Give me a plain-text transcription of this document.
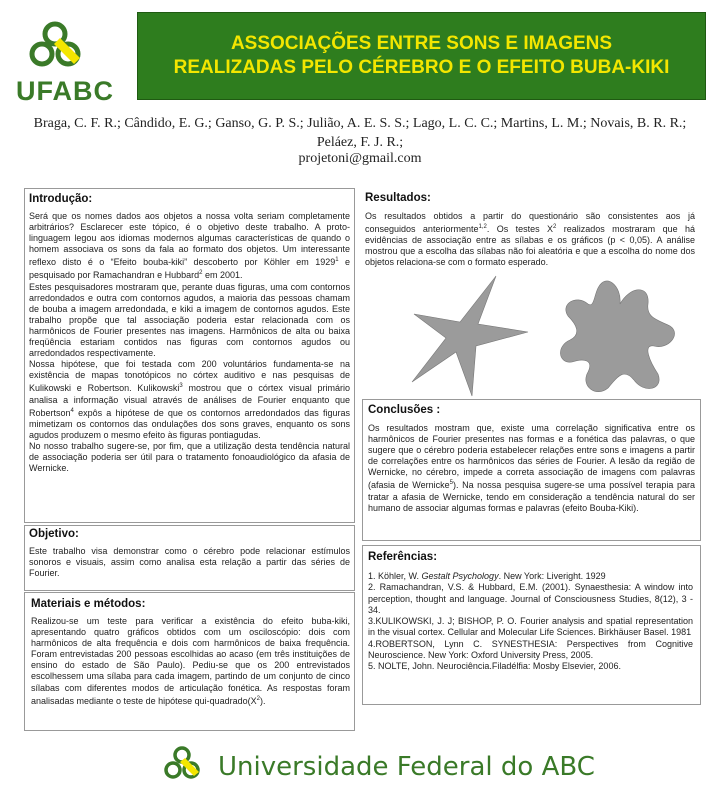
UFABC
ASSOCIAÇÕES ENTRE SONS E IMAGENS
REALIZADAS PELO CÉREBRO E O EFEITO BUBA-KIKI
Braga, C. F. R.; Cândido, E. G.; Ganso, G. P. S.; Julião, A. E. S. S.; Lago, L. C. C.; Martins, L. M.; Novais, B. R. R.; Peláez, F. J. R.;
projetoni@gmail.com
Introdução:

Será que os nomes dados aos objetos a nossa volta seriam completamente arbitrários? Esclarecer este tópico, é o objetivo deste trabalho. A proto-linguagem legou aos idiomas modernos algumas características de quando o homem associava os sons da fala ao formato dos objetos. Um interessante reflexo disto é o “Efeito bouba-kiki” descoberto por Köhler em 1929$^1$ e pesquisado por Ramachandran e Hubbard$^2$ em 2001.

Estes pesquisadores mostraram que, perante duas figuras, uma com contornos arredondados e outra com contornos agudos, a maioria das pessoas chamam de bouba a imagem arredondada, e kiki a imagem de contornos agudos. Este trabalho propõe que tal associação poderia estar relacionada com os harmônicos de Fourier presentes nas imagens. Harmônicos de alta ou baixa freqüência estariam contidos nas figuras com contornos agudos ou arredondados respectivamente.

Nossa hipótese, que foi testada com 200 voluntários fundamenta-se na existência de mapas tonotópicos no córtex auditivo e nas pesquisas de Kulikowski e Robertson. Kulikowski$^3$ mostrou que o córtex visual primário analisa a informação visual através de análises de Fourier enquanto que Robertson$^4$ expôs a hipótese de que os contornos arredondados das figuras mimetizam os contornos das ondulações dos sons graves, enquanto os sons agudos produzem o mesmo efeito às figuras pontiagudas.

No nosso trabalho sugere-se, por fim, que a utilização desta tendência natural de associação poderia ser útil para o tratamento fonoaudiológico da afasia de Wernicke.

Objetivo:

Este trabalho visa demonstrar como o cérebro pode relacionar estímulos sonoros e visuais, assim como analisa esta relação a partir das séries de Fourier.

Materiais e métodos:

Realizou-se um teste para verificar a existência do efeito buba-kiki, apresentando quatro gráficos obtidos com um osciloscópio: dois com harmônicos de alta frequência e dois com harmônicos de baixa frequência. Foram entrevistadas 200 pessoas escolhidas ao acaso (em três instituições de ensino do estado de São Paulo). Pediu-se que os 200 entrevistados escolhessem uma sílaba para cada imagem, partindo de um conjunto de cinco sílabas com diferentes modos de articulação fonética. As respostas foram analisadas mediante o teste de hipótese qui-$quadrado(X^2)$.

Resultados:

Os resultados obtidos a partir do questionário são consistentes aos já conseguidos anteriormente$^{1,2}$. Os testes $X^2$ realizados mostraram que há evidências de associação entre as sílabas e os gráficos (p < 0,05). A análise mostrou que a escolha das sílabas não foi aleatória e que a escolha do nome dos objetos relaciona-se com o formato esperado.

Conclusões :

Os resultados mostram que, existe uma correlação significativa entre os harmônicos de Fourier presentes nas formas e a fonética das palavras, o que sugere que o cérebro poderia estabelecer relações entre sons e imagens a partir de correlações entre os harmônicos das séries de Fourier. A lesão da região de Wernicke, no cérebro, impede a correta associação de imagens com palavras (afasia de Wernicke$^5$). Na nossa pesquisa sugere-se uma possível terapia para tratar a afasia de Wernicke, tendo em consideração a tendência natural do ser humano de associar algumas formas e palavras (efeito Bouba-Kiki).

Referências:
1. Köhler, W. Gestalt Psychology. New York: Liveright. 1929
2. Ramachandran, V.S. & Hubbard, E.M. (2001). Synaesthesia: A window into perception, thought and language. Journal of Consciousness Studies, 8(12), 3 - 34.
3.KULIKOWSKI, J. J; BISHOP, P. O. Fourier analysis and spatial representation in the visual cortex. Cellular and Molecular Life Sciences. Birkhäuser Basel. 1981
4.ROBERTSON, Lynn C. SYNESTHESIA: Perspectives from Cognitive Neuroscience. New York: Oxford University Press, 2005.
5. NOLTE, John. Neurociência.Filadélfia: Mosby Elsevier, 2006.
Universidade Federal do ABC
